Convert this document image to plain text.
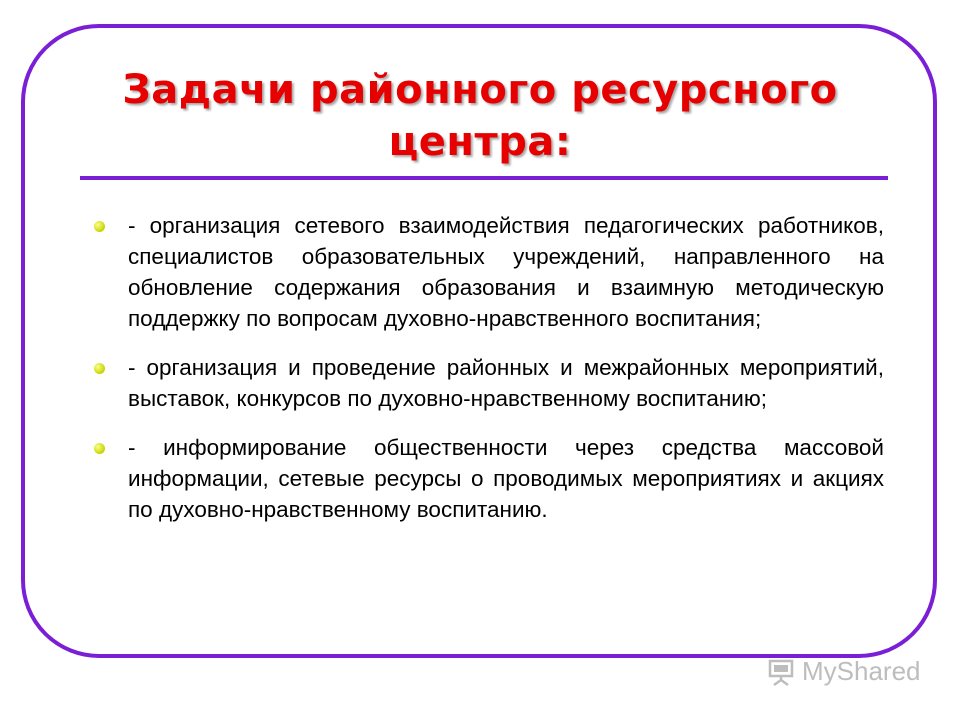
Задачи районного ресурсного центра:
- организация сетевого взаимодействия педагогических работников, специалистов образовательных учреждений, направленного на обновление содержания образования и взаимную методическую поддержку по вопросам духовно-нравственного воспитания;
- организация и проведение районных и межрайонных мероприятий, выставок, конкурсов по духовно-нравственному воспитанию;
- информирование общественности через средства массовой информации, сетевые ресурсы о проводимых мероприятиях и акциях по духовно-нравственному воспитанию.
MyShared
